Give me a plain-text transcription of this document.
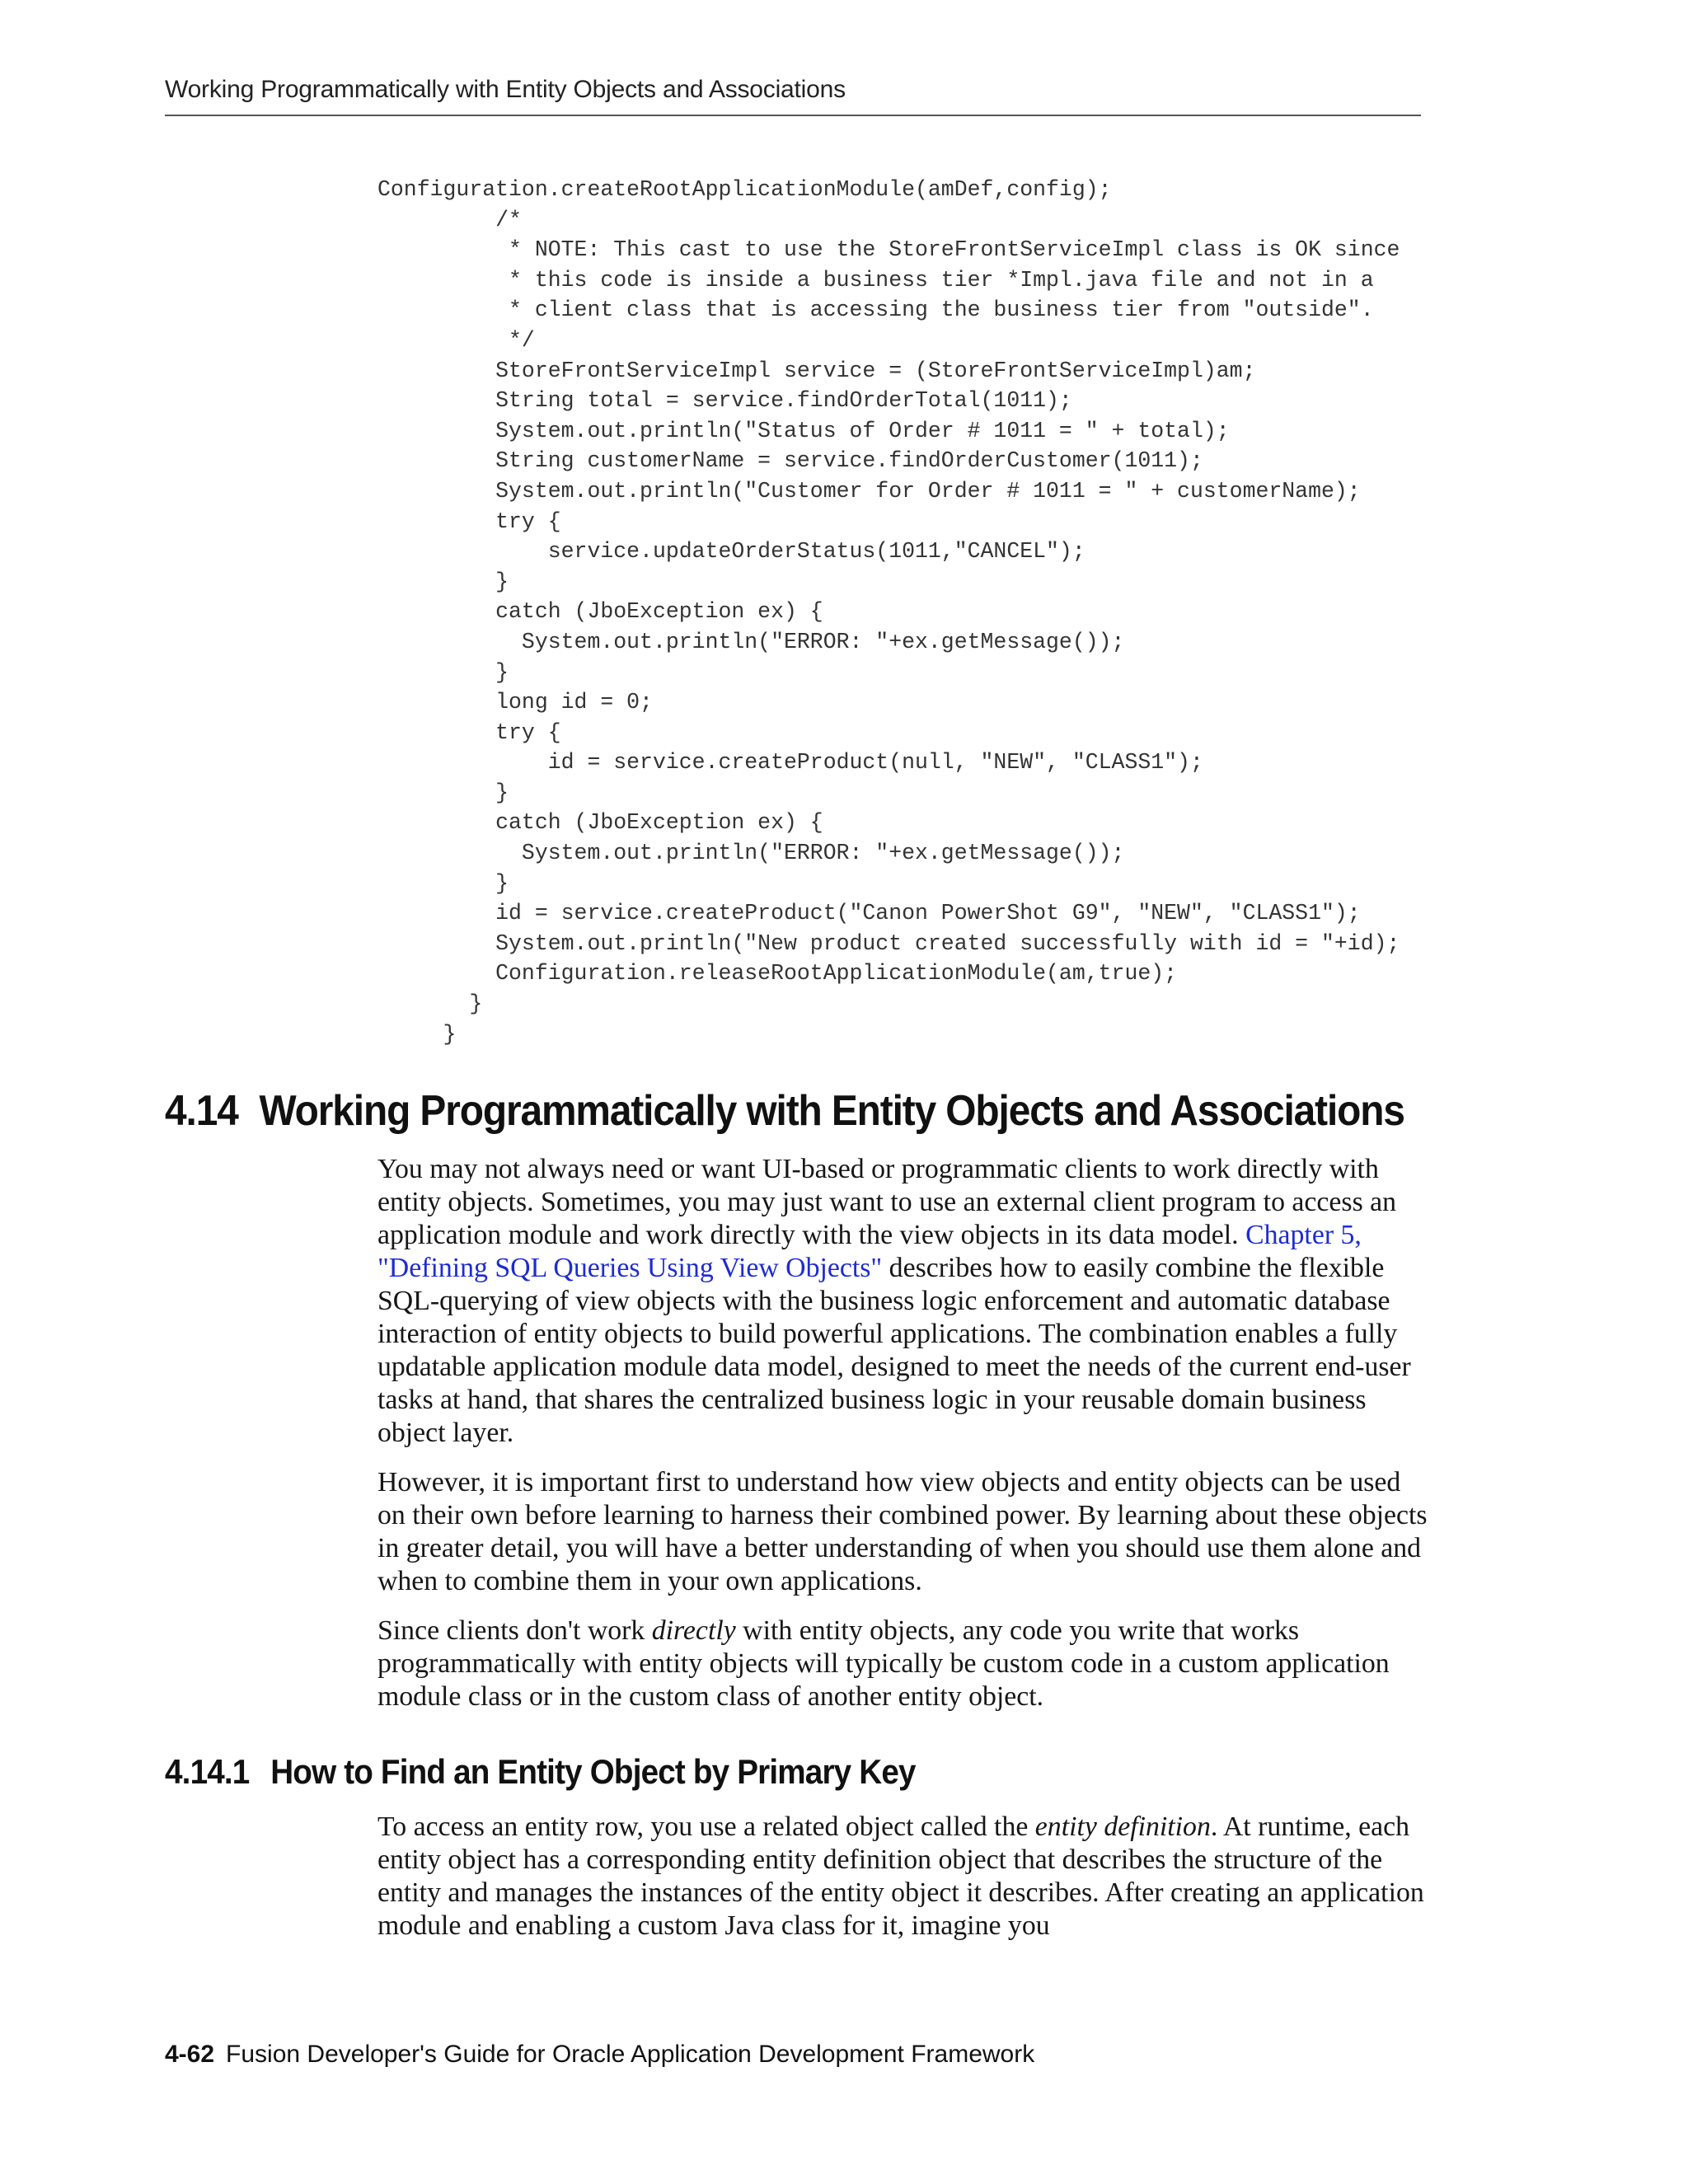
Working Programmatically with Entity Objects and Associations
Configuration.createRootApplicationModule(amDef,config);
/*
* NOTE: This cast to use the StoreFrontServiceImpl class is OK since
* this code is inside a business tier *Impl.java file and not in a
* client class that is accessing the business tier from "outside".
*/
StoreFrontServiceImpl service = (StoreFrontServiceImpl)am;
String total = service.findOrderTotal(1011);
System.out.println("Status of Order # 1011 = " + total);
String customerName = service.findOrderCustomer(1011);
System.out.println("Customer for Order # 1011 = " + customerName);
try {
service.updateOrderStatus(1011,"CANCEL");
}
catch (JboException ex) {
System.out.println("ERROR: "+ex.getMessage());
}
long id = 0;
try {
id = service.createProduct(null, "NEW", "CLASS1");
}
catch (JboException ex) {
System.out.println("ERROR: "+ex.getMessage());
}
id = service.createProduct("Canon PowerShot G9", "NEW", "CLASS1");
System.out.println("New product created successfully with id = "+id);
Configuration.releaseRootApplicationModule(am,true);
}
}
4.14 Working Programmatically with Entity Objects and Associations

You may not always need or want UI-based or programmatic clients to work directly with entity objects. Sometimes, you may just want to use an external client program to access an application module and work directly with the view objects in its data model. Chapter 5, "Defining SQL Queries Using View Objects" describes how to easily combine the flexible SQL-querying of view objects with the business logic enforcement and automatic database interaction of entity objects to build powerful applications. The combination enables a fully updatable application module data model, designed to meet the needs of the current end-user tasks at hand, that shares the centralized business logic in your reusable domain business object layer.

However, it is important first to understand how view objects and entity objects can be used on their own before learning to harness their combined power. By learning about these objects in greater detail, you will have a better understanding of when you should use them alone and when to combine them in your own applications.

Since clients don't work directly with entity objects, any code you write that works programmatically with entity objects will typically be custom code in a custom application module class or in the custom class of another entity object.

4.14.1 How to Find an Entity Object by Primary Key

To access an entity row, you use a related object called the entity definition. At runtime, each entity object has a corresponding entity definition object that describes the structure of the entity and manages the instances of the entity object it describes. After creating an application module and enabling a custom Java class for it, imagine you

4-62 Fusion Developer's Guide for Oracle Application Development Framework
